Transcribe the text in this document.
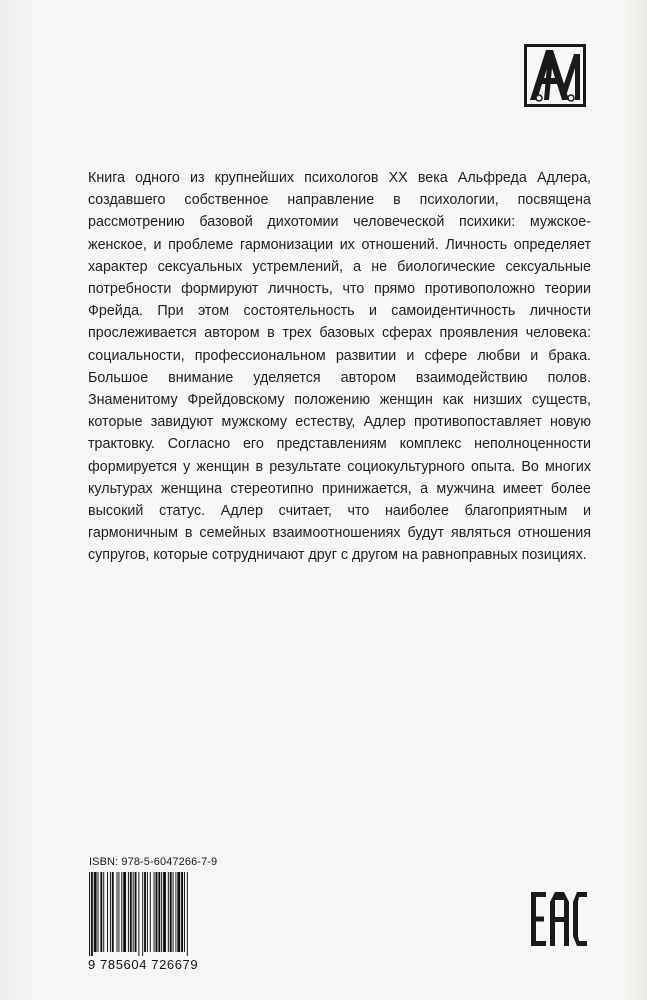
Книга одного из крупнейших психологов XX века Альфреда Адлера, создавшего собственное направление в психологии, посвящена рассмотрению базовой дихотомии человеческой психики: мужское-женское, и проблеме гармонизации их отношений. Личность определяет характер сексуальных устремлений, а не биологические сексуальные потребности формируют личность, что прямо противоположно теории Фрейда. При этом состоятельность и самоидентичность личности прослеживается автором в трех базовых сферах проявления человека: социальности, профессиональном развитии и сфере любви и брака. Большое внимание уделяется автором взаимодействию полов. Знаменитому Фрейдовскому положению женщин как низших существ, которые завидуют мужскому естеству, Адлер противопоставляет новую трактовку. Согласно его представлениям комплекс неполноценности формируется у женщин в результате социокультурного опыта. Во многих культурах женщина стереотипно принижается, а мужчина имеет более высокий статус. Адлер считает, что наиболее благоприятным и гармоничным в семейных взаимоотношениях будут являться отношения супругов, которые сотрудничают друг с другом на равноправных позициях.

ISBN: 978-5-6047266-7-9
9 785604 726679
